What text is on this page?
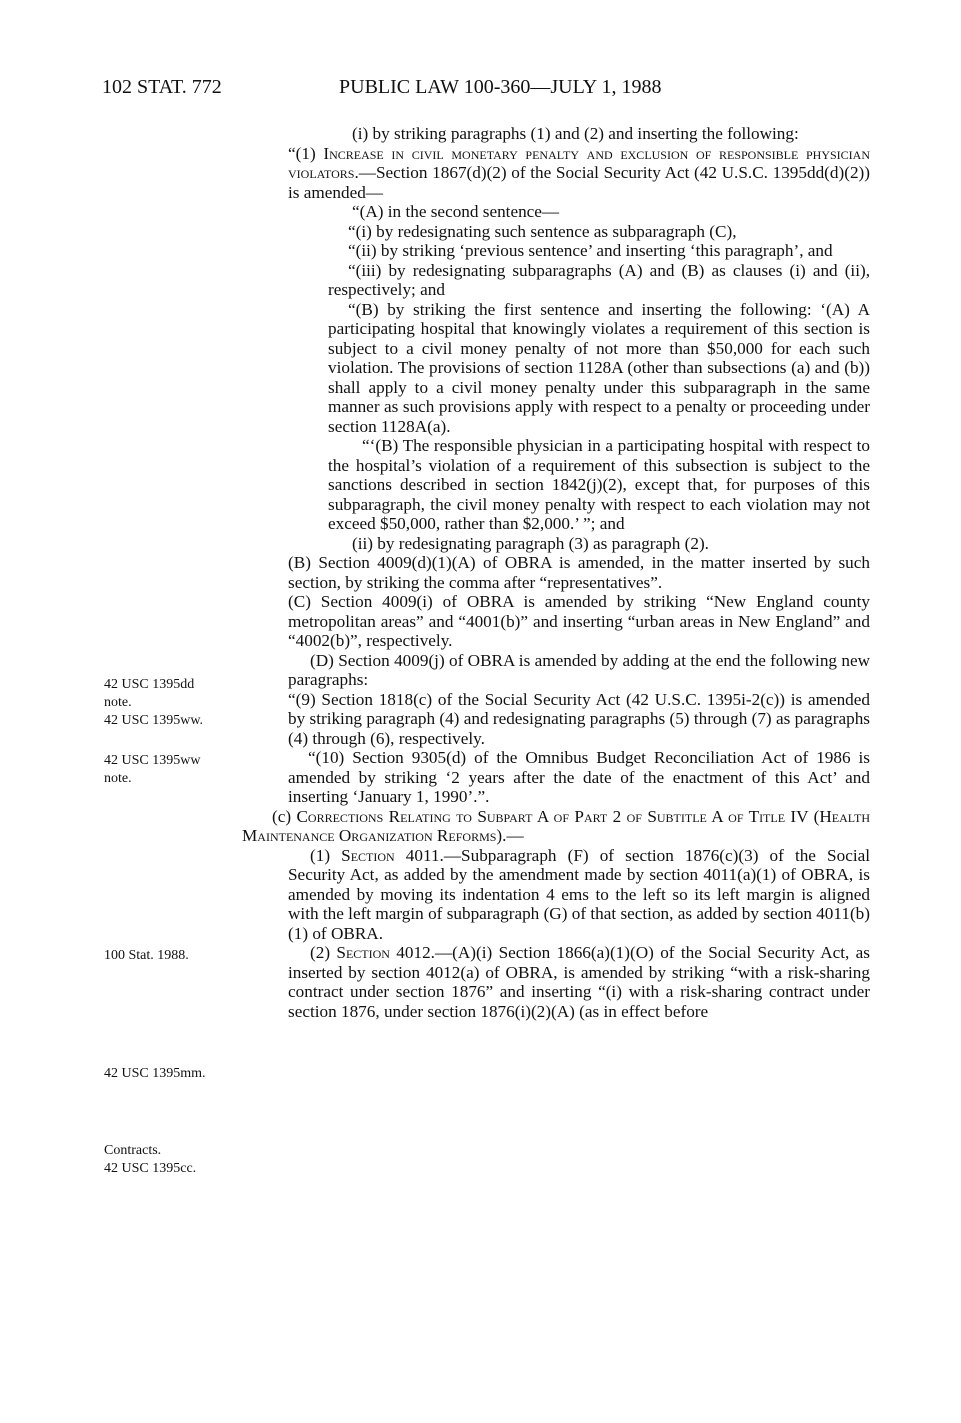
102 STAT. 772	PUBLIC LAW 100-360—JULY 1, 1988
42 USC 1395dd
note.
42 USC 1395ww.
42 USC 1395ww
note.
100 Stat. 1988.
42 USC 1395mm.
Contracts.
42 USC 1395cc.

(i) by striking paragraphs (1) and (2) and inserting the following:

“(1) Increase in civil monetary penalty and exclusion of responsible physician violators.—Section 1867(d)(2) of the Social Security Act (42 U.S.C. 1395dd(d)(2)) is amended—

“(A) in the second sentence—

“(i) by redesignating such sentence as subparagraph (C),

“(ii) by striking ‘previous sentence’ and inserting ‘this paragraph’, and

“(iii) by redesignating subparagraphs (A) and (B) as clauses (i) and (ii), respectively; and

“(B) by striking the first sentence and inserting the following: ‘(A) A participating hospital that knowingly violates a requirement of this section is subject to a civil money penalty of not more than $50,000 for each such violation. The provisions of section 1128A (other than subsections (a) and (b)) shall apply to a civil money penalty under this subparagraph in the same manner as such provisions apply with respect to a penalty or proceeding under section 1128A(a).

“‘(B) The responsible physician in a participating hospital with respect to the hospital’s violation of a requirement of this subsection is subject to the sanctions described in section 1842(j)(2), except that, for purposes of this subparagraph, the civil money penalty with respect to each violation may not exceed $50,000, rather than $2,000.’ ”; and

(ii) by redesignating paragraph (3) as paragraph (2).

(B) Section 4009(d)(1)(A) of OBRA is amended, in the matter inserted by such section, by striking the comma after “representatives”.

(C) Section 4009(i) of OBRA is amended by striking “New England county metropolitan areas” and “4001(b)” and inserting “urban areas in New England” and “4002(b)”, respectively.

(D) Section 4009(j) of OBRA is amended by adding at the end the following new paragraphs:

“(9) Section 1818(c) of the Social Security Act (42 U.S.C. 1395i-2(c)) is amended by striking paragraph (4) and redesignating paragraphs (5) through (7) as paragraphs (4) through (6), respectively.

“(10) Section 9305(d) of the Omnibus Budget Reconciliation Act of 1986 is amended by striking ‘2 years after the date of the enactment of this Act’ and inserting ‘January 1, 1990’.”.

(c) Corrections Relating to Subpart A of Part 2 of Subtitle A of Title IV (Health Maintenance Organization Reforms).—

(1) Section 4011.—Subparagraph (F) of section 1876(c)(3) of the Social Security Act, as added by the amendment made by section 4011(a)(1) of OBRA, is amended by moving its indentation 4 ems to the left so its left margin is aligned with the left margin of subparagraph (G) of that section, as added by section 4011(b)(1) of OBRA.

(2) Section 4012.—(A)(i) Section 1866(a)(1)(O) of the Social Security Act, as inserted by section 4012(a) of OBRA, is amended by striking “with a risk-sharing contract under section 1876” and inserting “(i) with a risk-sharing contract under section 1876, under section 1876(i)(2)(A) (as in effect before
